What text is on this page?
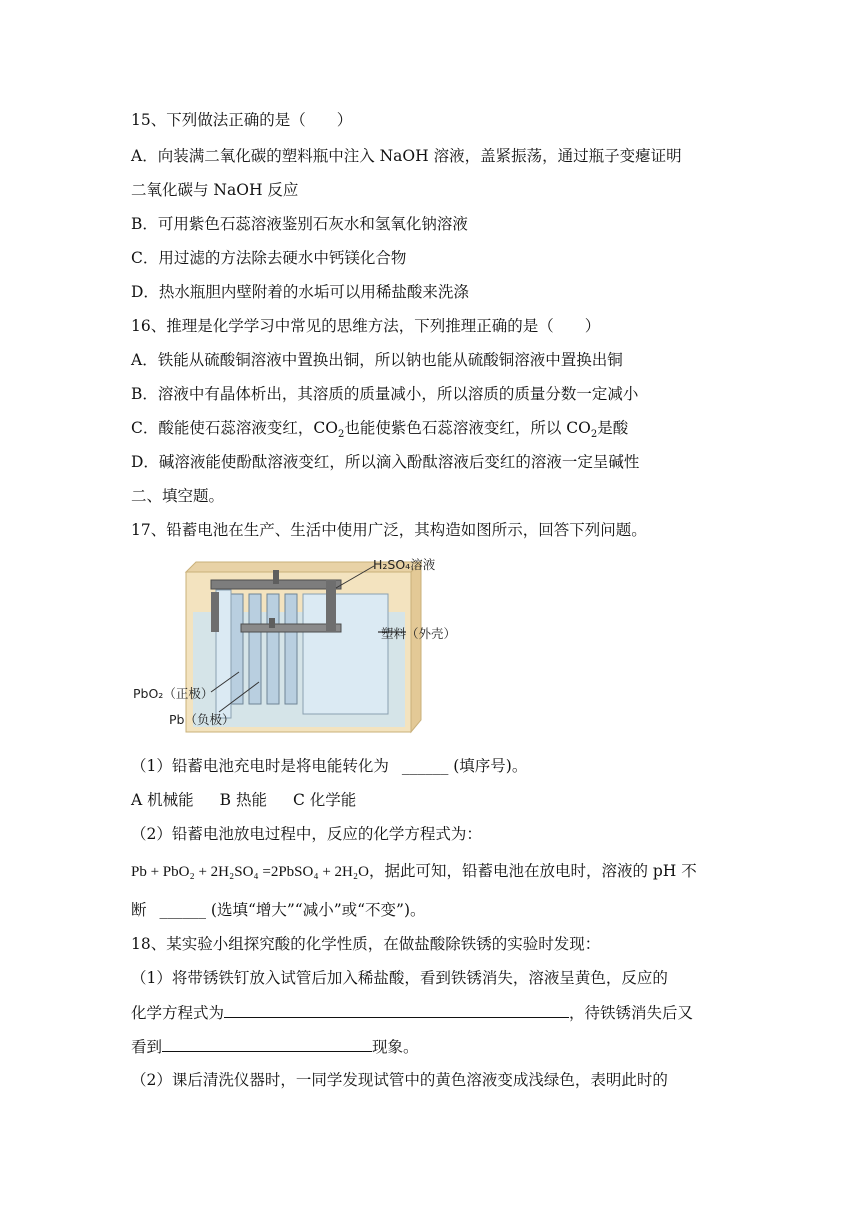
15、下列做法正确的是（　　）
A．向装满二氧化碳的塑料瓶中注入 NaOH 溶液，盖紧振荡，通过瓶子变瘪证明
二氧化碳与 NaOH 反应
B．可用紫色石蕊溶液鉴别石灰水和氢氧化钠溶液
C．用过滤的方法除去硬水中钙镁化合物
D．热水瓶胆内壁附着的水垢可以用稀盐酸来洗涤
16、推理是化学学习中常见的思维方法，下列推理正确的是（　　）
A．铁能从硫酸铜溶液中置换出铜，所以钠也能从硫酸铜溶液中置换出铜
B．溶液中有晶体析出，其溶质的质量减小，所以溶质的质量分数一定减小
C．酸能使石蕊溶液变红，$CO_2$也能使紫色石蕊溶液变红，所以 $CO_2$是酸
D．碱溶液能使酚酞溶液变红，所以滴入酚酞溶液后变红的溶液一定呈碱性
二、填空题。
17、铅蓄电池在生产、生活中使用广泛，其构造如图所示，回答下列问题。
H₂SO₄溶液
塑料（外壳）
PbO₂（正极）
Pb（负极）
（1）铅蓄电池充电时是将电能转化为 ______ (填序号)。
A 机械能 B 热能 C 化学能
（2）铅蓄电池放电过程中，反应的化学方程式为：
Pb + PbO₂ + 2H₂SO₄ =2PbSO₄ + 2H₂O，据此可知，铅蓄电池在放电时，溶液的 pH 不
断 ______ (选填“增大”“减小”或“不变”)。
18、某实验小组探究酸的化学性质，在做盐酸除铁锈的实验时发现：
（1）将带锈铁钉放入试管后加入稀盐酸，看到铁锈消失，溶液呈黄色，反应的
化学方程式为	，待铁锈消失后又
看到	现象。
（2）课后清洗仪器时，一同学发现试管中的黄色溶液变成浅绿色，表明此时的
